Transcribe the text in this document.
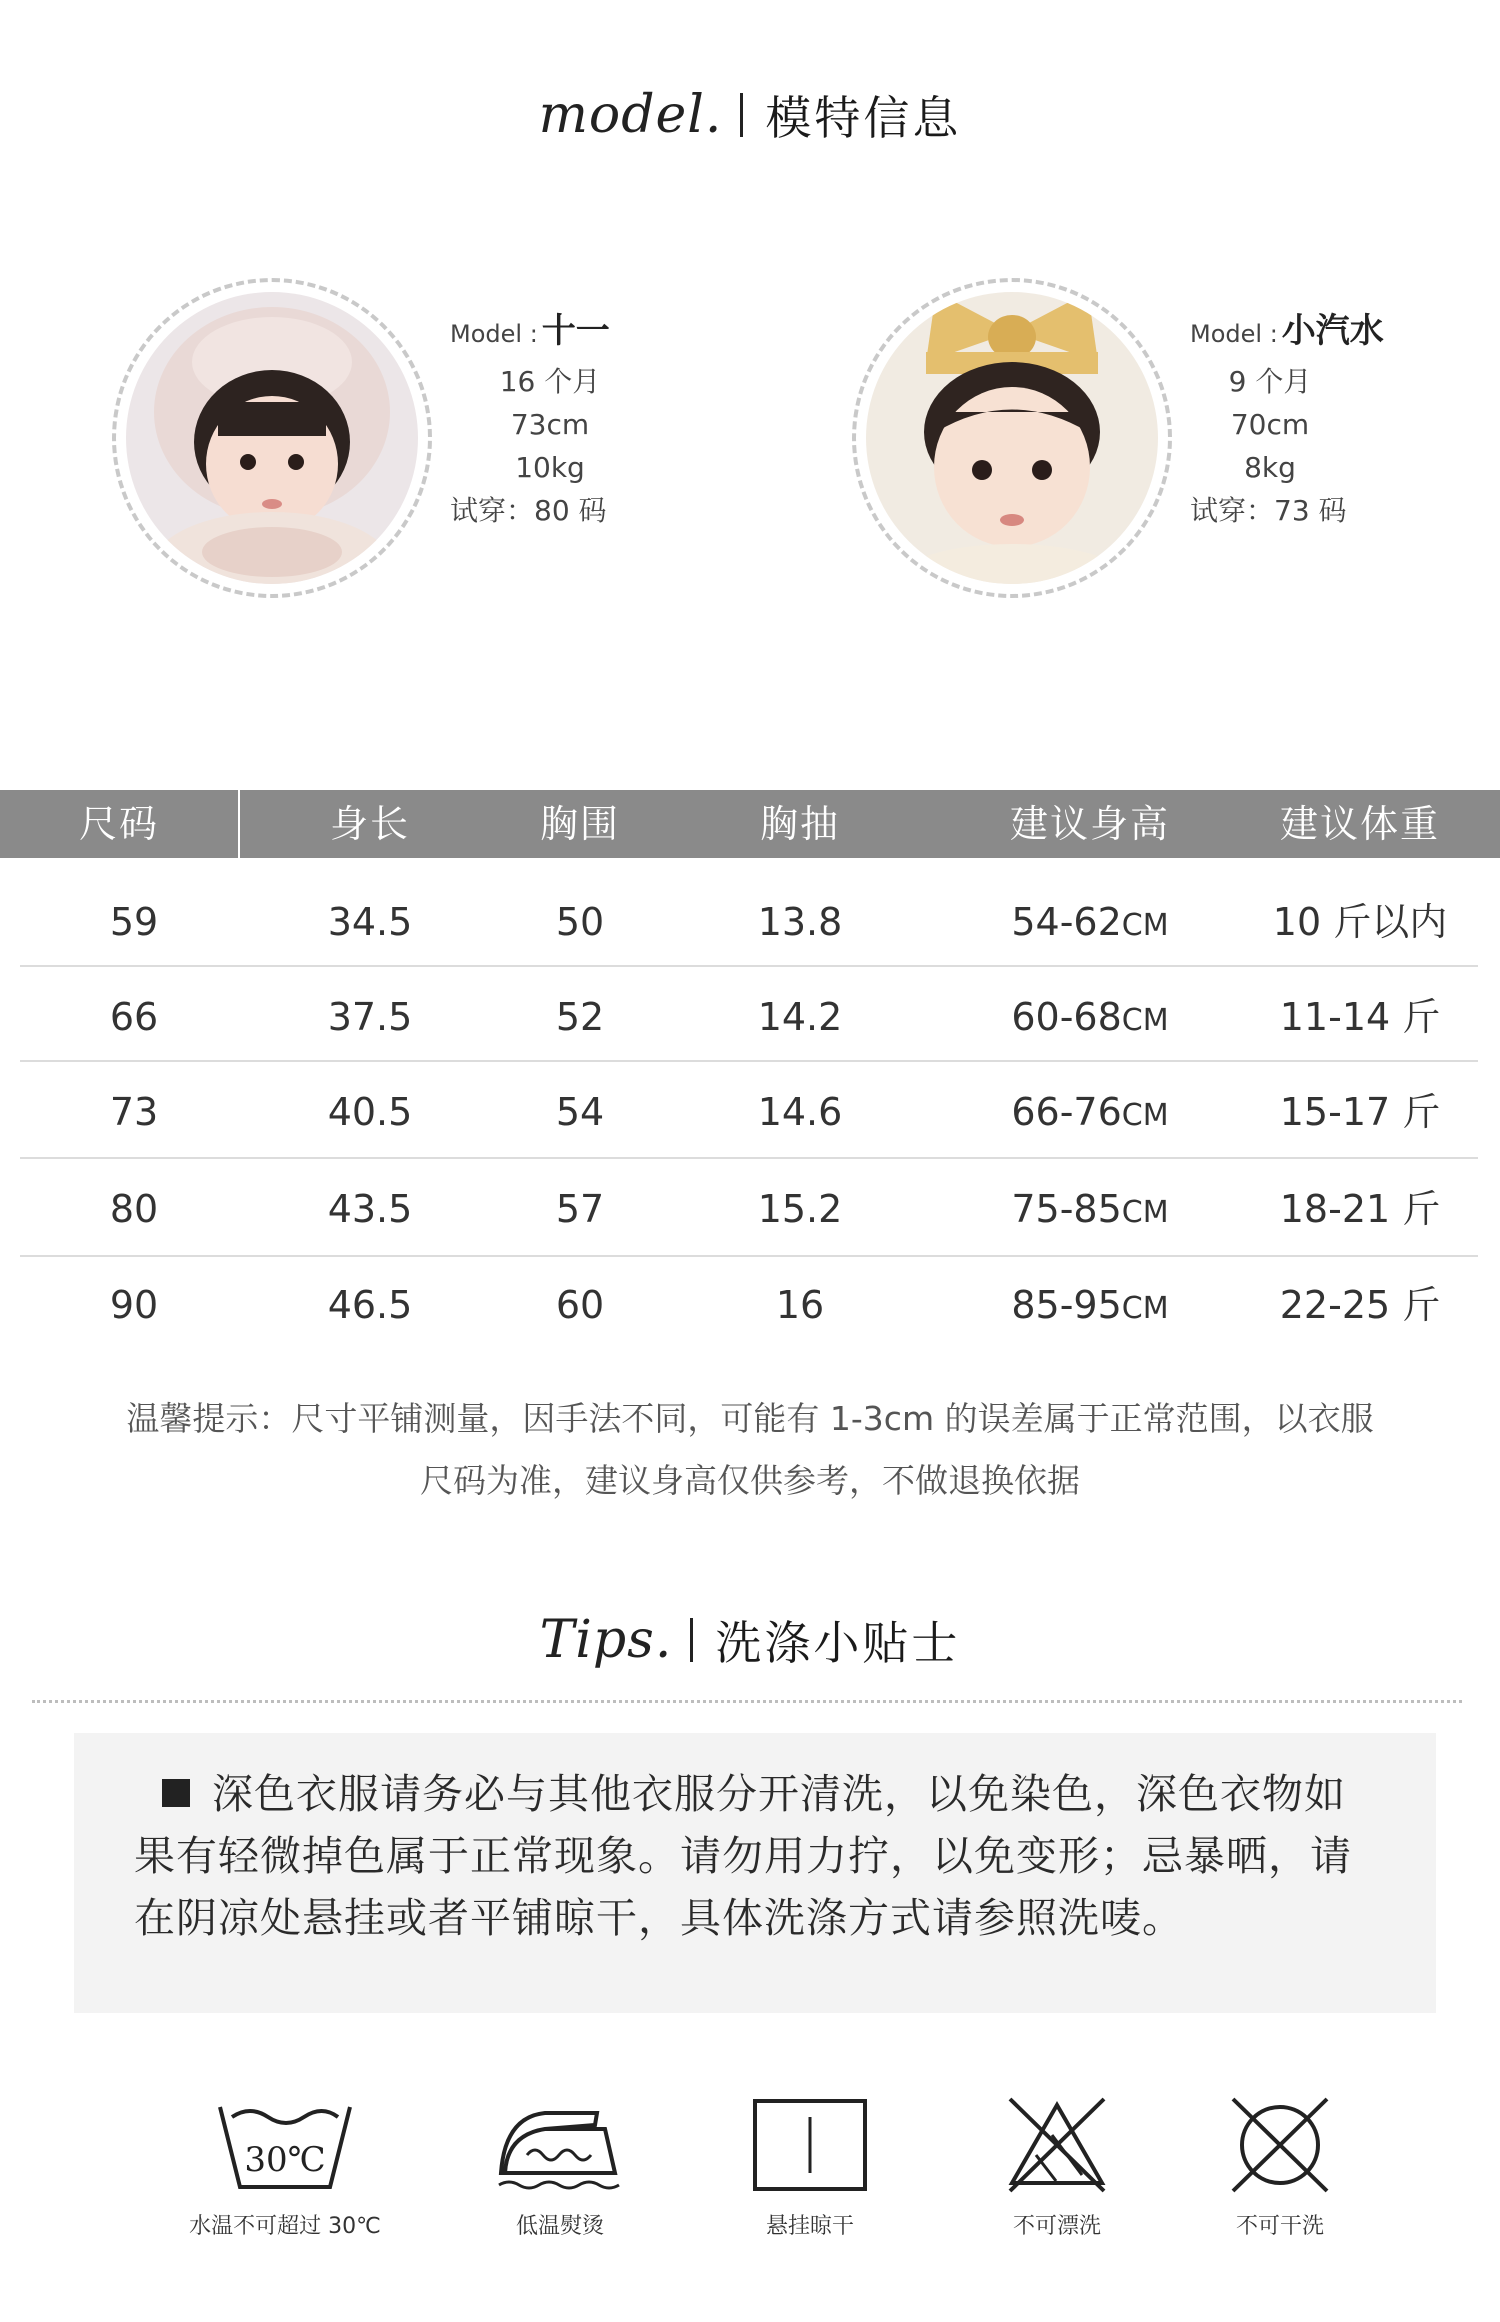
model. 模特信息
Model : 十一
16 个月
73cm
10kg
试穿：80 码
Model : 小汽水
9 个月
70cm
8kg
试穿：73 码
尺码	身长	胸围	胸抽	建议身高	建议体重
59	34.5	50	13.8	54-62CM	10 斤以内
66	37.5	52	14.2	60-68CM	11-14 斤
73	40.5	54	14.6	66-76CM	15-17 斤
80	43.5	57	15.2	75-85CM	18-21 斤
90	46.5	60	16	85-95CM	22-25 斤
温馨提示：尺寸平铺测量，因手法不同，可能有 1-3cm 的误差属于正常范围，以衣服
尺码为准，建议身高仅供参考，不做退换依据
Tips. 洗涤小贴士
深色衣服请务必与其他衣服分开清洗，以免染色，深色衣物如
果有轻微掉色属于正常现象。请勿用力拧，以免变形；忌暴晒，请
在阴凉处悬挂或者平铺晾干，具体洗涤方式请参照洗唛。
30℃
水温不可超过 30℃	低温熨烫	悬挂晾干	不可漂洗	不可干洗
